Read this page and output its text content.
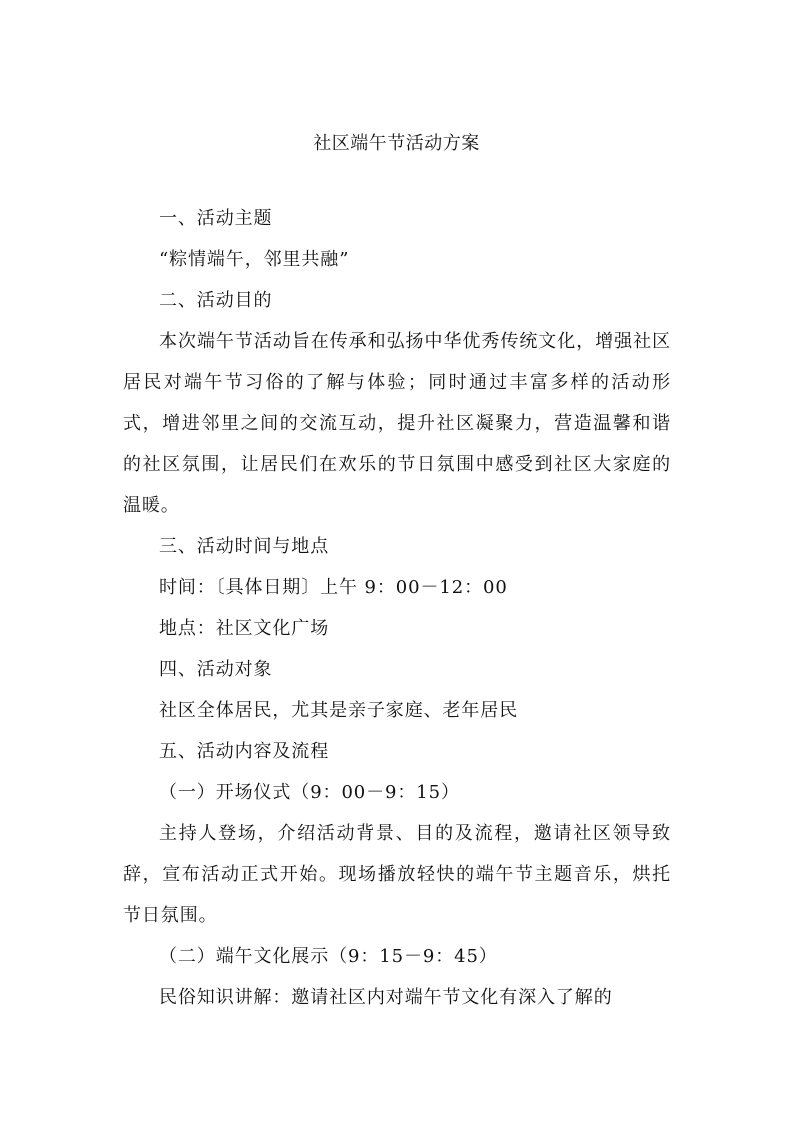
社区端午节活动方案

一、活动主题

“粽情端午，邻里共融”

二、活动目的

本次端午节活动旨在传承和弘扬中华优秀传统文化，增强社区居民对端午节习俗的了解与体验；同时通过丰富多样的活动形式，增进邻里之间的交流互动，提升社区凝聚力，营造温馨和谐的社区氛围，让居民们在欢乐的节日氛围中感受到社区大家庭的温暖。

三、活动时间与地点

时间：〔具体日期〕上午 9：00－12：00

地点：社区文化广场

四、活动对象

社区全体居民，尤其是亲子家庭、老年居民

五、活动内容及流程

（一）开场仪式（9：00－9：15）

主持人登场，介绍活动背景、目的及流程，邀请社区领导致辞，宣布活动正式开始。现场播放轻快的端午节主题音乐，烘托节日氛围。

（二）端午文化展示（9：15－9：45）

民俗知识讲解：邀请社区内对端午节文化有深入了解的
